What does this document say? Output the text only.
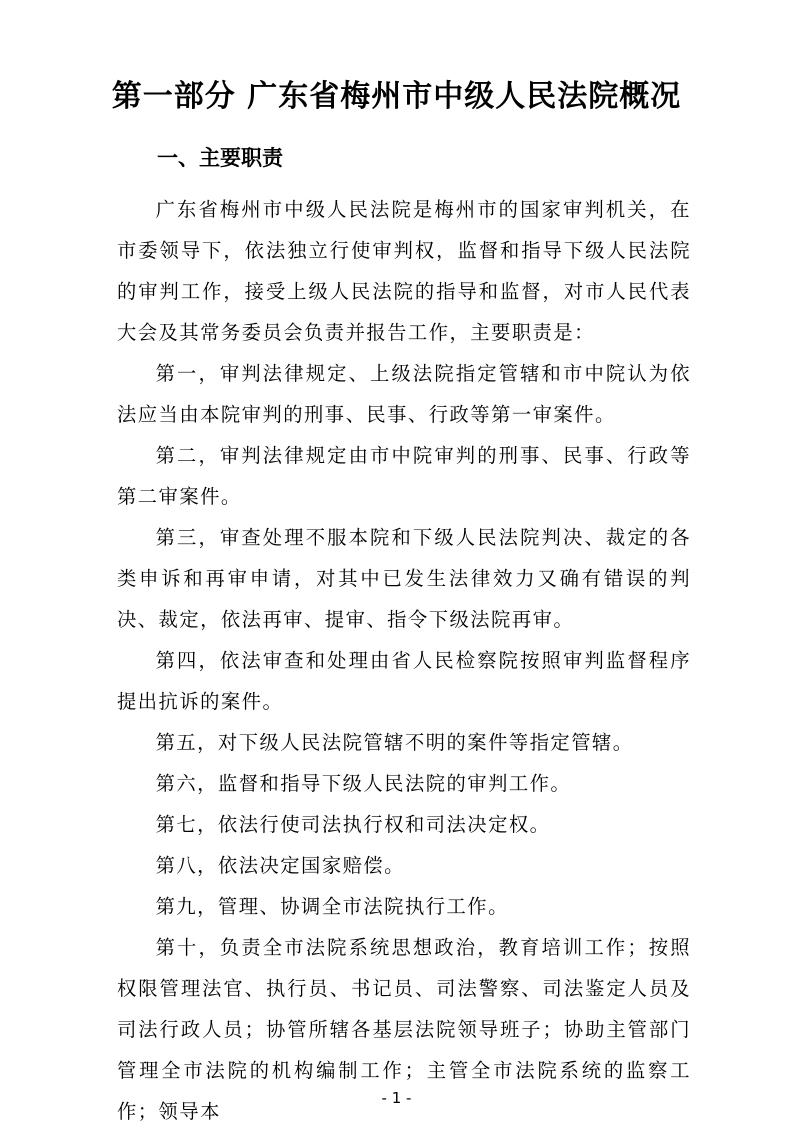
第一部分 广东省梅州市中级人民法院概况
一、主要职责

广东省梅州市中级人民法院是梅州市的国家审判机关，在市委领导下，依法独立行使审判权，监督和指导下级人民法院的审判工作，接受上级人民法院的指导和监督，对市人民代表大会及其常务委员会负责并报告工作，主要职责是：

第一，审判法律规定、上级法院指定管辖和市中院认为依法应当由本院审判的刑事、民事、行政等第一审案件。

第二，审判法律规定由市中院审判的刑事、民事、行政等第二审案件。

第三，审查处理不服本院和下级人民法院判决、裁定的各类申诉和再审申请，对其中已发生法律效力又确有错误的判决、裁定，依法再审、提审、指令下级法院再审。

第四，依法审查和处理由省人民检察院按照审判监督程序提出抗诉的案件。

第五，对下级人民法院管辖不明的案件等指定管辖。

第六，监督和指导下级人民法院的审判工作。

第七，依法行使司法执行权和司法决定权。

第八，依法决定国家赔偿。

第九，管理、协调全市法院执行工作。

第十，负责全市法院系统思想政治，教育培训工作；按照权限管理法官、执行员、书记员、司法警察、司法鉴定人员及司法行政人员；协管所辖各基层法院领导班子；协助主管部门管理全市法院的机构编制工作；主管全市法院系统的监察工作；领导本

- 1 -
